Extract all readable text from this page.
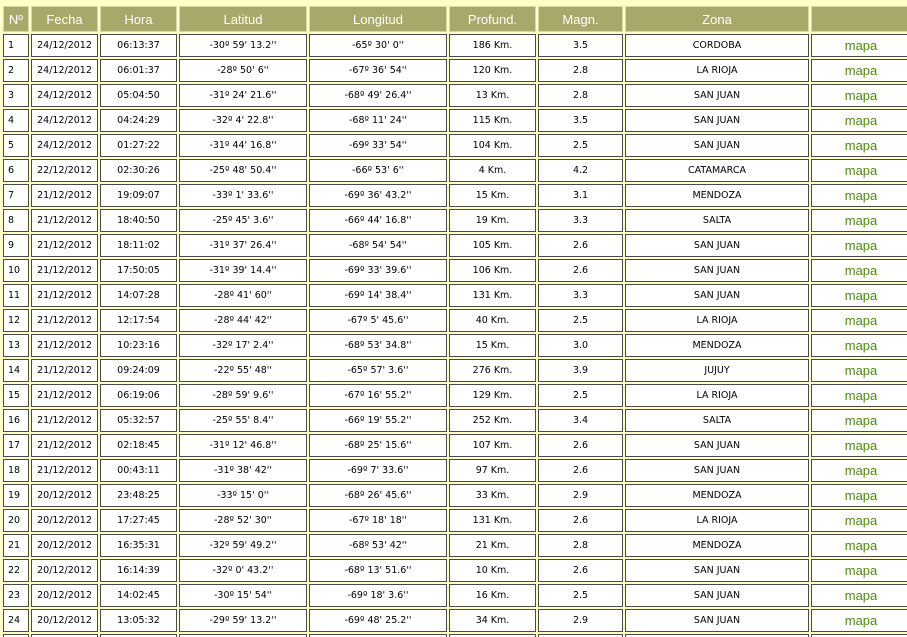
Nº	Fecha	Hora	Latitud	Longitud	Profund.	Magn.	Zona	
1	24/12/2012	06:13:37	-30º 59' 13.2''	-65º 30' 0''	186 Km.	3.5	CORDOBA	mapa
2	24/12/2012	06:01:37	-28º 50' 6''	-67º 36' 54''	120 Km.	2.8	LA RIOJA	mapa
3	24/12/2012	05:04:50	-31º 24' 21.6''	-68º 49' 26.4''	13 Km.	2.8	SAN JUAN	mapa
4	24/12/2012	04:24:29	-32º 4' 22.8''	-68º 11' 24''	115 Km.	3.5	SAN JUAN	mapa
5	24/12/2012	01:27:22	-31º 44' 16.8''	-69º 33' 54''	104 Km.	2.5	SAN JUAN	mapa
6	22/12/2012	02:30:26	-25º 48' 50.4''	-66º 53' 6''	4 Km.	4.2	CATAMARCA	mapa
7	21/12/2012	19:09:07	-33º 1' 33.6''	-69º 36' 43.2''	15 Km.	3.1	MENDOZA	mapa
8	21/12/2012	18:40:50	-25º 45' 3.6''	-66º 44' 16.8''	19 Km.	3.3	SALTA	mapa
9	21/12/2012	18:11:02	-31º 37' 26.4''	-68º 54' 54''	105 Km.	2.6	SAN JUAN	mapa
10	21/12/2012	17:50:05	-31º 39' 14.4''	-69º 33' 39.6''	106 Km.	2.6	SAN JUAN	mapa
11	21/12/2012	14:07:28	-28º 41' 60''	-69º 14' 38.4''	131 Km.	3.3	SAN JUAN	mapa
12	21/12/2012	12:17:54	-28º 44' 42''	-67º 5' 45.6''	40 Km.	2.5	LA RIOJA	mapa
13	21/12/2012	10:23:16	-32º 17' 2.4''	-68º 53' 34.8''	15 Km.	3.0	MENDOZA	mapa
14	21/12/2012	09:24:09	-22º 55' 48''	-65º 57' 3.6''	276 Km.	3.9	JUJUY	mapa
15	21/12/2012	06:19:06	-28º 59' 9.6''	-67º 16' 55.2''	129 Km.	2.5	LA RIOJA	mapa
16	21/12/2012	05:32:57	-25º 55' 8.4''	-66º 19' 55.2''	252 Km.	3.4	SALTA	mapa
17	21/12/2012	02:18:45	-31º 12' 46.8''	-68º 25' 15.6''	107 Km.	2.6	SAN JUAN	mapa
18	21/12/2012	00:43:11	-31º 38' 42''	-69º 7' 33.6''	97 Km.	2.6	SAN JUAN	mapa
19	20/12/2012	23:48:25	-33º 15' 0''	-68º 26' 45.6''	33 Km.	2.9	MENDOZA	mapa
20	20/12/2012	17:27:45	-28º 52' 30''	-67º 18' 18''	131 Km.	2.6	LA RIOJA	mapa
21	20/12/2012	16:35:31	-32º 59' 49.2''	-68º 53' 42''	21 Km.	2.8	MENDOZA	mapa
22	20/12/2012	16:14:39	-32º 0' 43.2''	-68º 13' 51.6''	10 Km.	2.6	SAN JUAN	mapa
23	20/12/2012	14:02:45	-30º 15' 54''	-69º 18' 3.6''	16 Km.	2.5	SAN JUAN	mapa
24	20/12/2012	13:05:32	-29º 59' 13.2''	-69º 48' 25.2''	34 Km.	2.9	SAN JUAN	mapa
